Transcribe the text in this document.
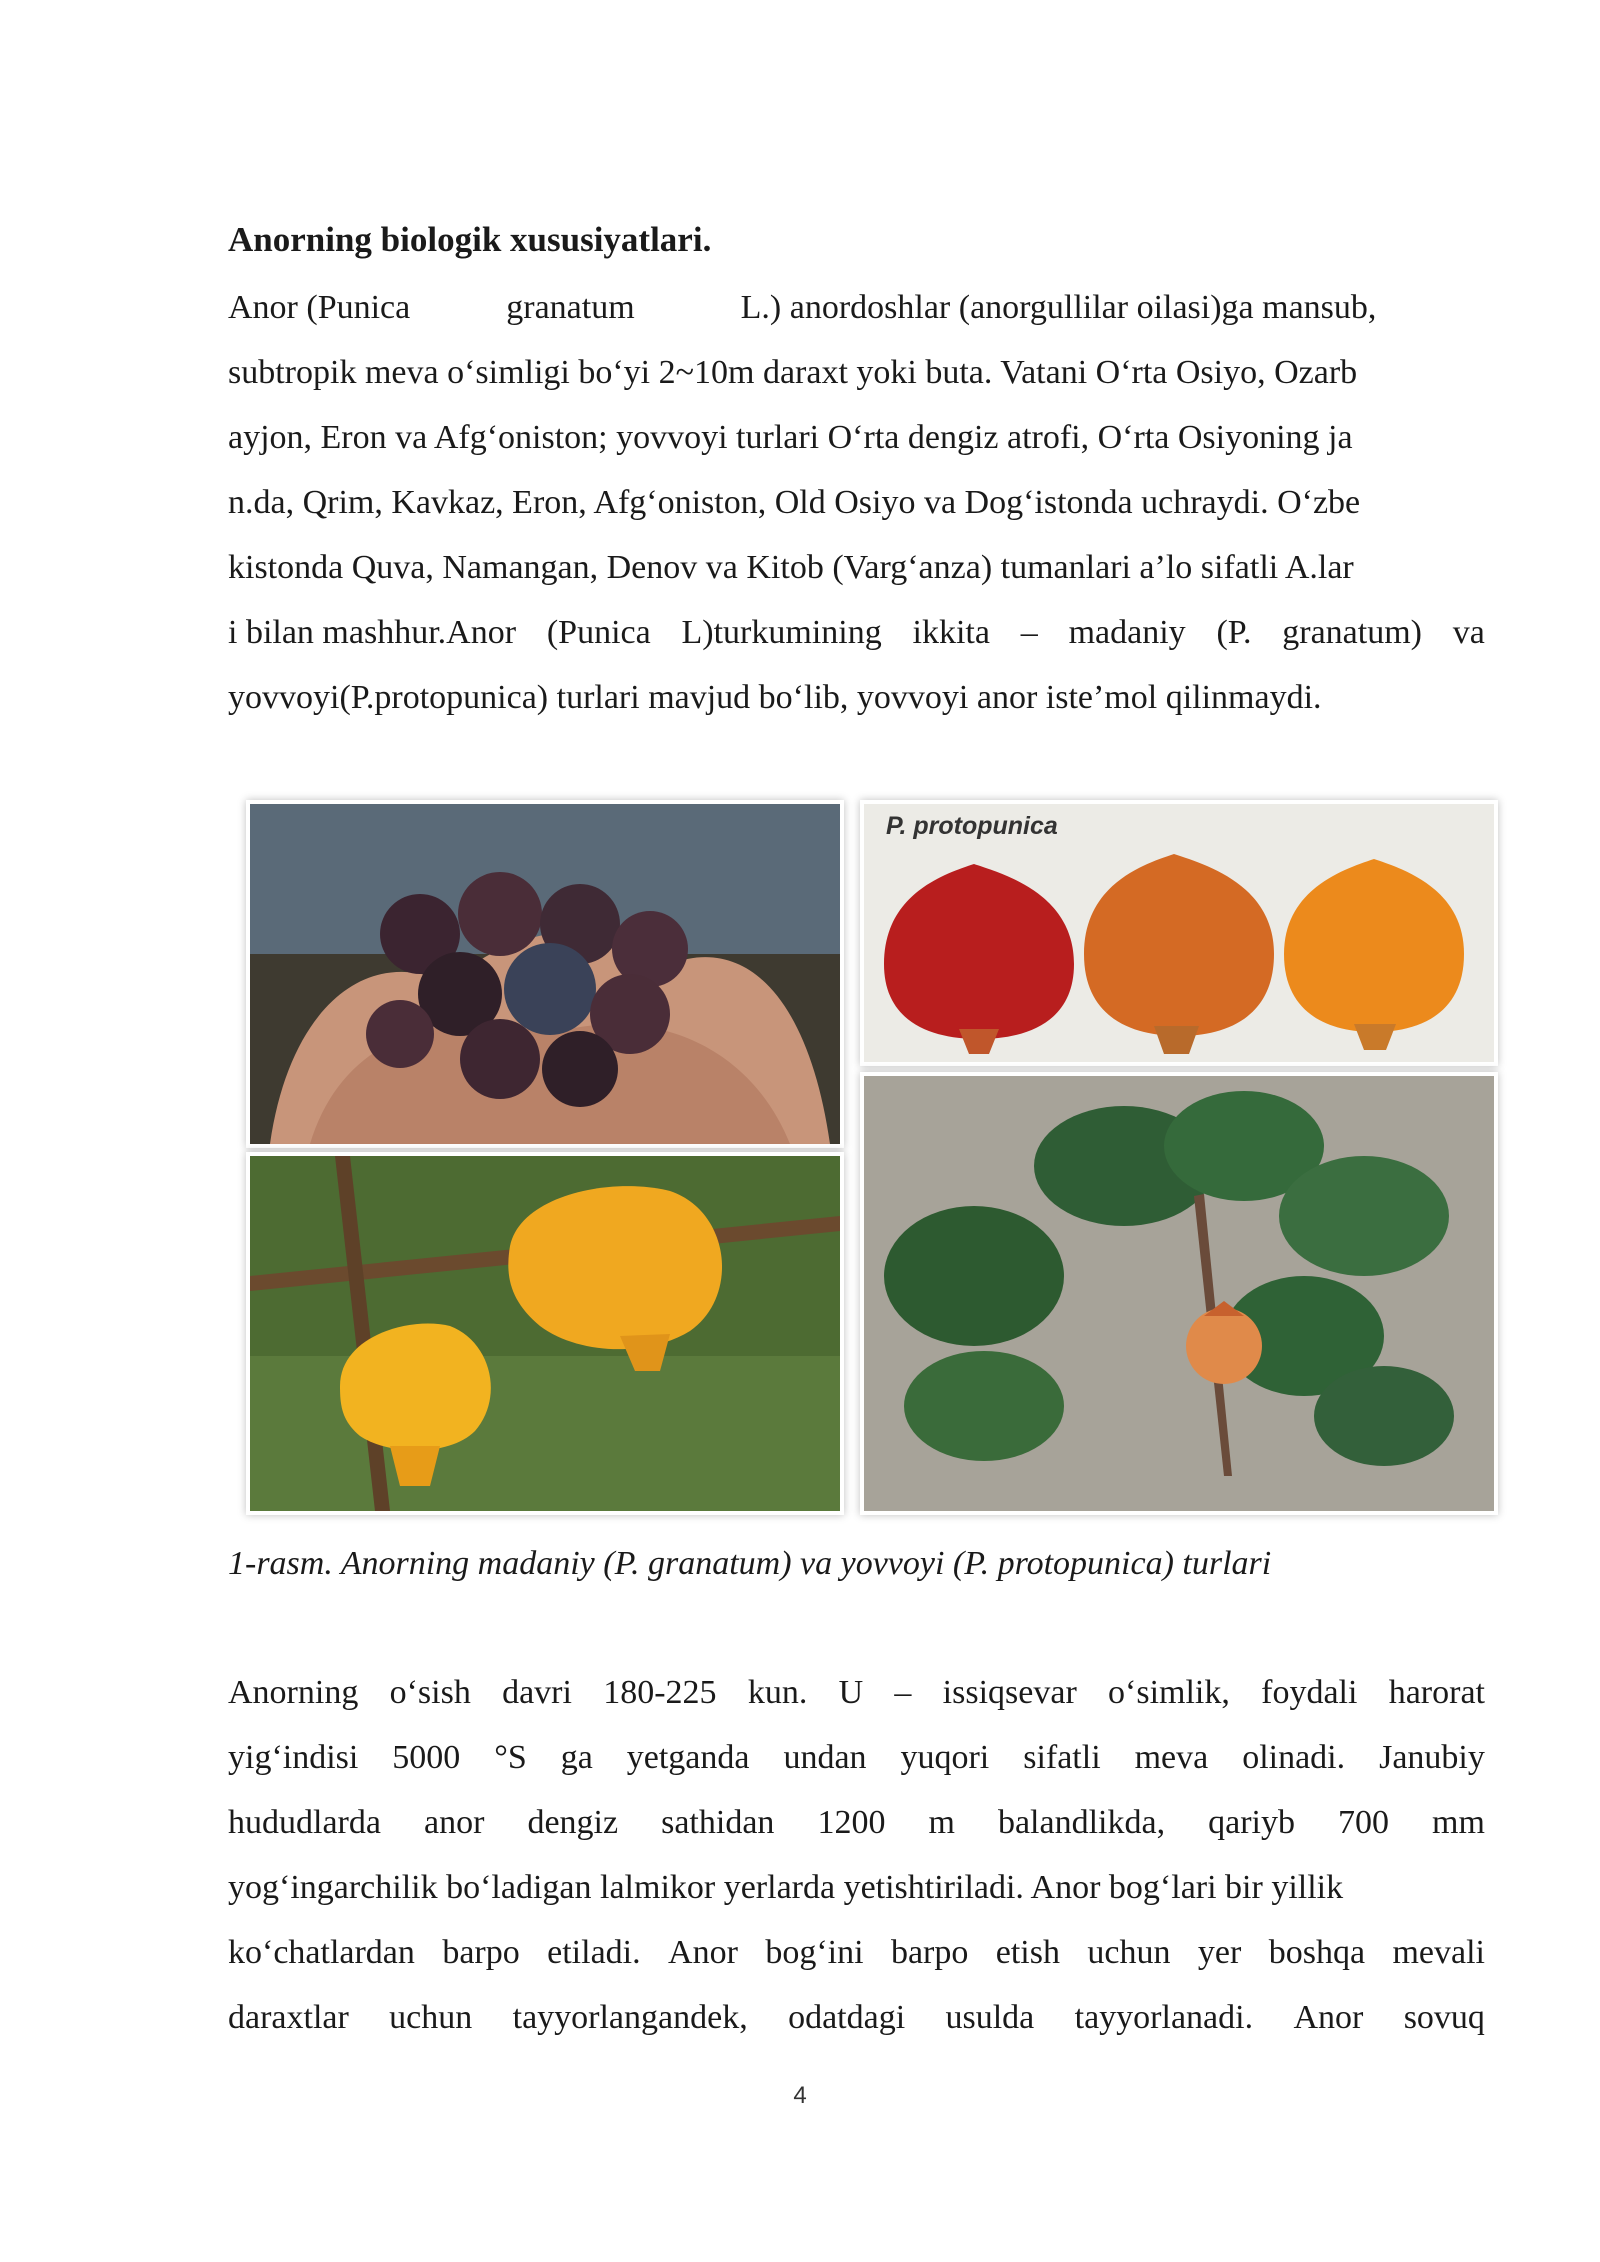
Anorning biologik xususiyatlari.
Anor (Punica	granatum	L.) anordoshlar (anorgullilar oilasi)ga mansub,
subtropik meva o‘simligi bo‘yi 2~10m daraxt yoki buta. Vatani O‘rta Osiyo, Ozarb
ayjon, Eron va Afg‘oniston; yovvoyi turlari O‘rta dengiz atrofi, O‘rta Osiyoning ja
n.da, Qrim, Kavkaz, Eron, Afg‘oniston, Old Osiyo va Dog‘istonda uchraydi. O‘zbe
kistonda Quva, Namangan, Denov va Kitob (Varg‘anza) tumanlari a’lo sifatli A.lar
i bilan mashhur.Anor (Punica L)turkumining ikkita – madaniy (P. granatum) va
yovvoyi(P.protopunica) turlari mavjud bo‘lib, yovvoyi anor iste’mol qilinmaydi.
P. protopunica

1-rasm. Anorning madaniy (P. granatum) va yovvoyi (P. protopunica) turlari

Anorning o‘sish davri 180-225 kun. U – issiqsevar o‘simlik, foydali harorat
yig‘indisi 5000 °S ga yetganda undan yuqori sifatli meva olinadi. Janubiy
hududlarda anor dengiz sathidan 1200 m balandlikda, qariyb 700 mm
yog‘ingarchilik bo‘ladigan lalmikor yerlarda yetishtiriladi. Anor bog‘lari bir yillik
ko‘chatlardan barpo etiladi. Anor bog‘ini barpo etish uchun yer boshqa mevali
daraxtlar uchun tayyorlangandek, odatdagi usulda tayyorlanadi. Anor sovuq
4
